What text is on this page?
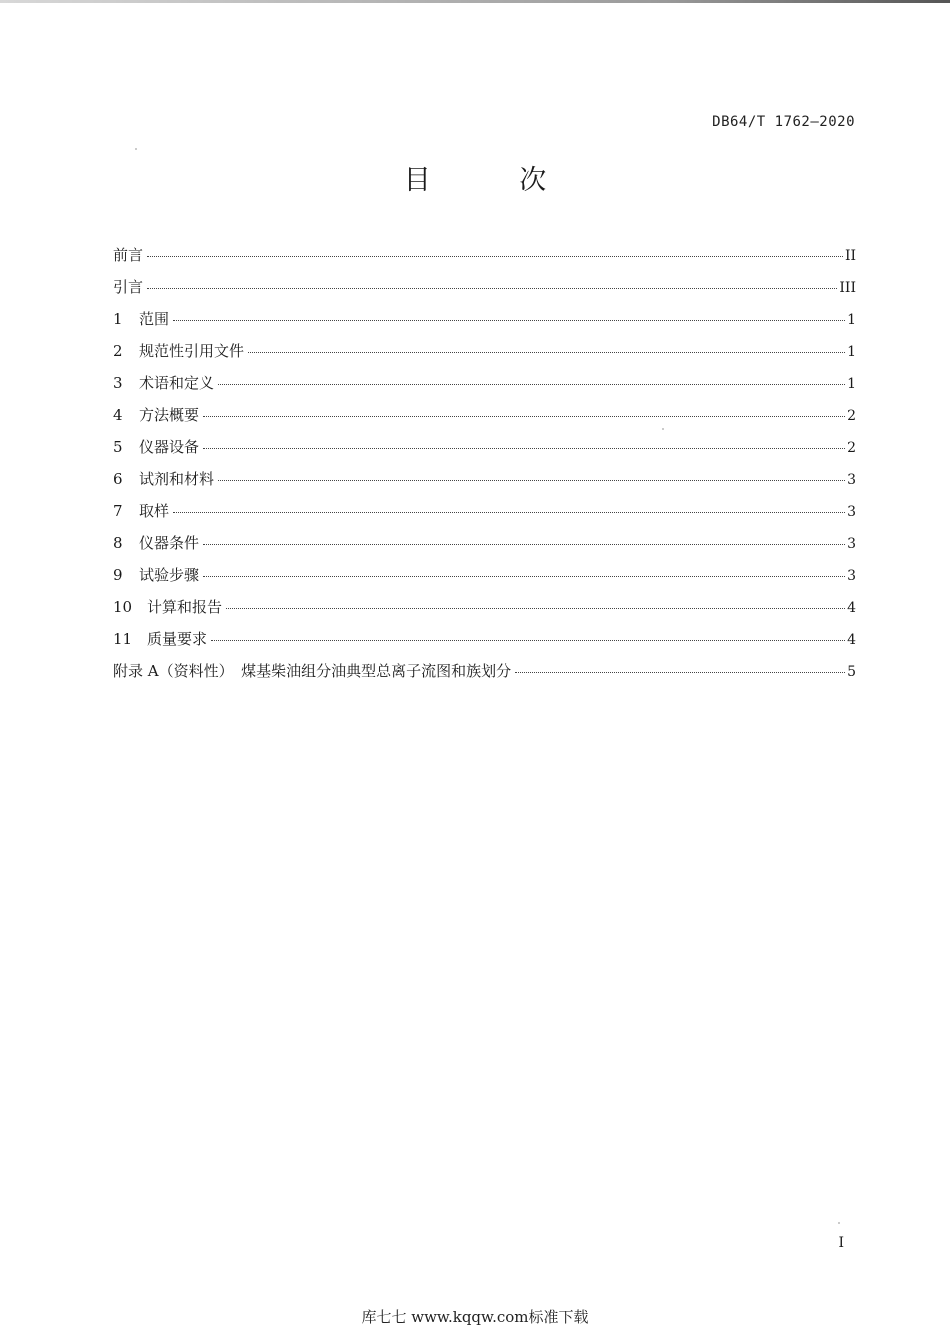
DB64/T 1762—2020
目 次
前言	II
引言	III
1	范围	1
2	规范性引用文件	1
3	术语和定义	1
4	方法概要	2
5	仪器设备	2
6	试剂和材料	3
7	取样	3
8	仪器条件	3
9	试验步骤	3
10 计算和报告	4
11 质量要求	4
附录 A（资料性）　煤基柴油组分油典型总离子流图和族划分	5
I
库七七 www.kqqw.com标准下载
